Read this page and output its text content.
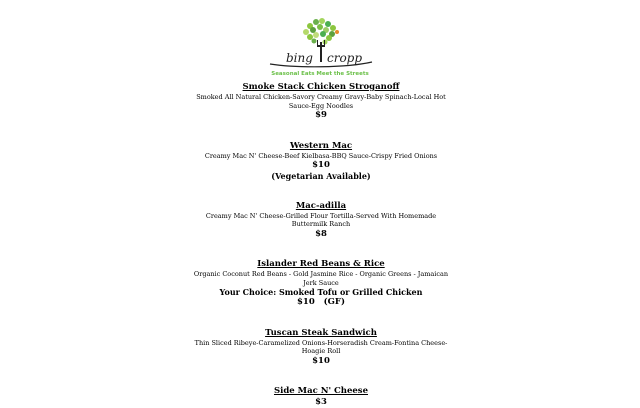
bing cropp
Seasonal Eats Meet the Streets
Smoke Stack Chicken Stroganoff
Smoked All Natural Chicken-Savory Creamy Gravy-Baby Spinach-Local Hot Sauce-Egg Noodles
$9
Western Mac
Creamy Mac N' Cheese-Beef Kielbasa-BBQ Sauce-Crispy Fried Onions
$10
(Vegetarian Available)
Mac-adilla
Creamy Mac N' Cheese-Grilled Flour Tortilla-Served With Homemade Buttermilk Ranch
$8
Islander Red Beans & Rice
Organic Coconut Red Beans - Gold Jasmine Rice - Organic Greens - Jamaican Jerk Sauce
Your Choice: Smoked Tofu or Grilled Chicken
$10   (GF)
Tuscan Steak Sandwich
Thin Sliced Ribeye-Caramelized Onions-Horseradish Cream-Fontina Cheese-Hoagie Roll
$10
Side Mac N' Cheese
$3
